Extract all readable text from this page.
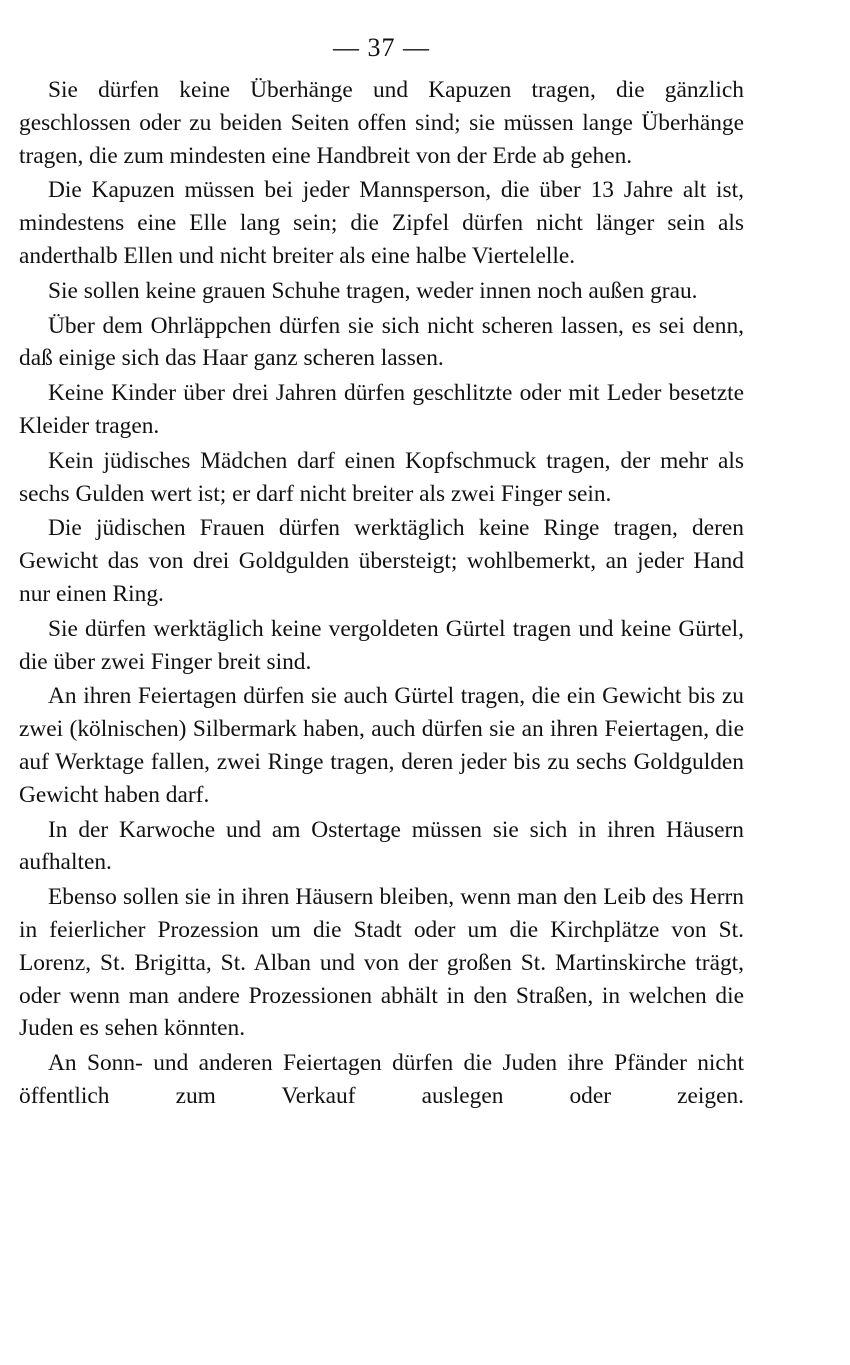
— 37 —

Sie dürfen keine Überhänge und Kapuzen tragen, die gänzlich geschlossen oder zu beiden Seiten offen sind; sie müssen lange Überhänge tragen, die zum mindesten eine Handbreit von der Erde ab gehen.

Die Kapuzen müssen bei jeder Mannsperson, die über 13 Jahre alt ist, mindestens eine Elle lang sein; die Zipfel dürfen nicht länger sein als anderthalb Ellen und nicht breiter als eine halbe Viertelelle.

Sie sollen keine grauen Schuhe tragen, weder innen noch außen grau.

Über dem Ohrläppchen dürfen sie sich nicht scheren lassen, es sei denn, daß einige sich das Haar ganz scheren lassen.

Keine Kinder über drei Jahren dürfen geschlitzte oder mit Leder besetzte Kleider tragen.

Kein jüdisches Mädchen darf einen Kopfschmuck tragen, der mehr als sechs Gulden wert ist; er darf nicht breiter als zwei Finger sein.

Die jüdischen Frauen dürfen werktäglich keine Ringe tragen, deren Gewicht das von drei Goldgulden übersteigt; wohlbemerkt, an jeder Hand nur einen Ring.

Sie dürfen werktäglich keine vergoldeten Gürtel tragen und keine Gürtel, die über zwei Finger breit sind.

An ihren Feiertagen dürfen sie auch Gürtel tragen, die ein Gewicht bis zu zwei (kölnischen) Silbermark haben, auch dürfen sie an ihren Feiertagen, die auf Werktage fallen, zwei Ringe tragen, deren jeder bis zu sechs Goldgulden Gewicht haben darf.

In der Karwoche und am Ostertage müssen sie sich in ihren Häusern aufhalten.

Ebenso sollen sie in ihren Häusern bleiben, wenn man den Leib des Herrn in feierlicher Prozession um die Stadt oder um die Kirchplätze von St. Lorenz, St. Brigitta, St. Alban und von der großen St. Martinskirche trägt, oder wenn man andere Prozessionen abhält in den Straßen, in welchen die Juden es sehen könnten.

An Sonn- und anderen Feiertagen dürfen die Juden ihre Pfänder nicht öffentlich zum Verkauf auslegen oder zeigen.
